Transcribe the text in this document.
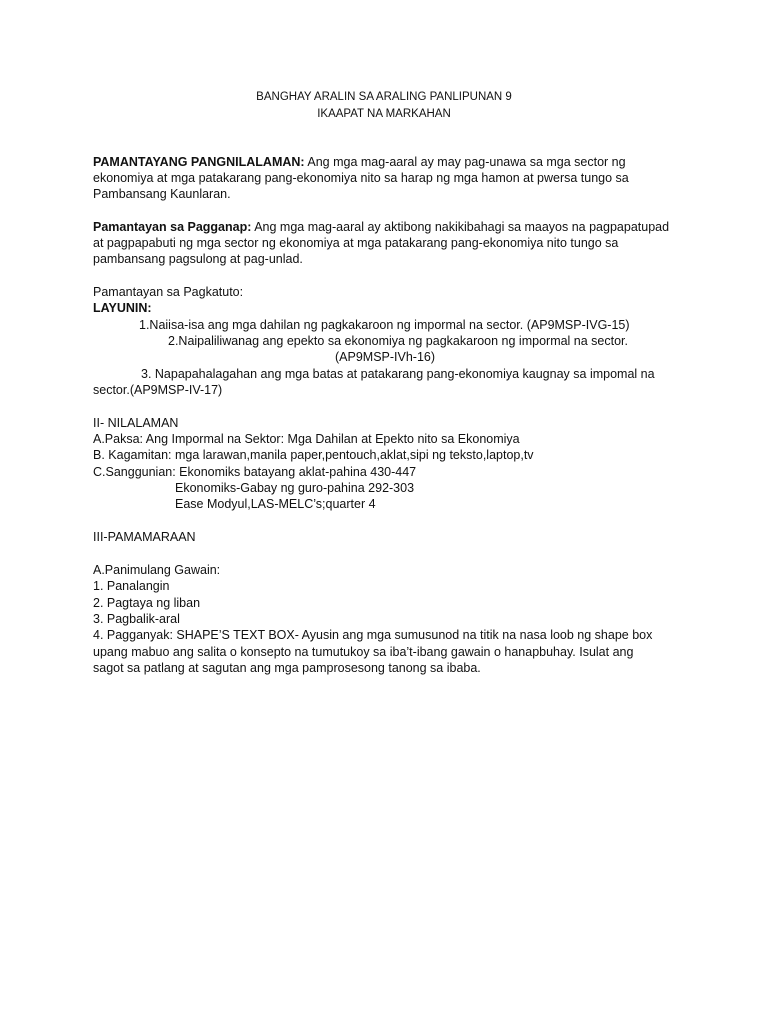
BANGHAY ARALIN SA ARALING PANLIPUNAN 9
IKAAPAT NA MARKAHAN
PAMANTAYANG PANGNILALAMAN: Ang mga mag-aaral ay may pag-unawa sa mga sector ng
ekonomiya at mga patakarang pang-ekonomiya nito sa harap ng mga hamon at pwersa tungo sa
Pambansang Kaunlaran.
Pamantayan sa Pagganap: Ang mga mag-aaral ay aktibong nakikibahagi sa maayos na pagpapatupad
at pagpapabuti ng mga sector ng ekonomiya at mga patakarang pang-ekonomiya nito tungo sa
pambansang pagsulong at pag-unlad.
Pamantayan sa Pagkatuto:
LAYUNIN:
1.Naiisa-isa ang mga dahilan ng pagkakaroon ng impormal na sector. (AP9MSP-IVG-15)
2.Naipaliliwanag ang epekto sa ekonomiya ng pagkakaroon ng impormal na sector.
(AP9MSP-IVh-16)
3. Napapahalagahan ang mga batas at patakarang pang-ekonomiya kaugnay sa impomal na
sector.(AP9MSP-IV-17)
II- NILALAMAN
A.Paksa: Ang Impormal na Sektor: Mga Dahilan at Epekto nito sa Ekonomiya
B. Kagamitan: mga larawan,manila paper,pentouch,aklat,sipi ng teksto,laptop,tv
C.Sanggunian: Ekonomiks batayang aklat-pahina 430-447
Ekonomiks-Gabay ng guro-pahina 292-303
Ease Modyul,LAS-MELC’s;quarter 4
III-PAMAMARAAN
A.Panimulang Gawain:
1. Panalangin
2. Pagtaya ng liban
3. Pagbalik-aral
4. Pagganyak: SHAPE’S TEXT BOX- Ayusin ang mga sumusunod na titik na nasa loob ng shape box
upang mabuo ang salita o konsepto na tumutukoy sa iba’t-ibang gawain o hanapbuhay. Isulat ang
sagot sa patlang at sagutan ang mga pamprosesong tanong sa ibaba.
